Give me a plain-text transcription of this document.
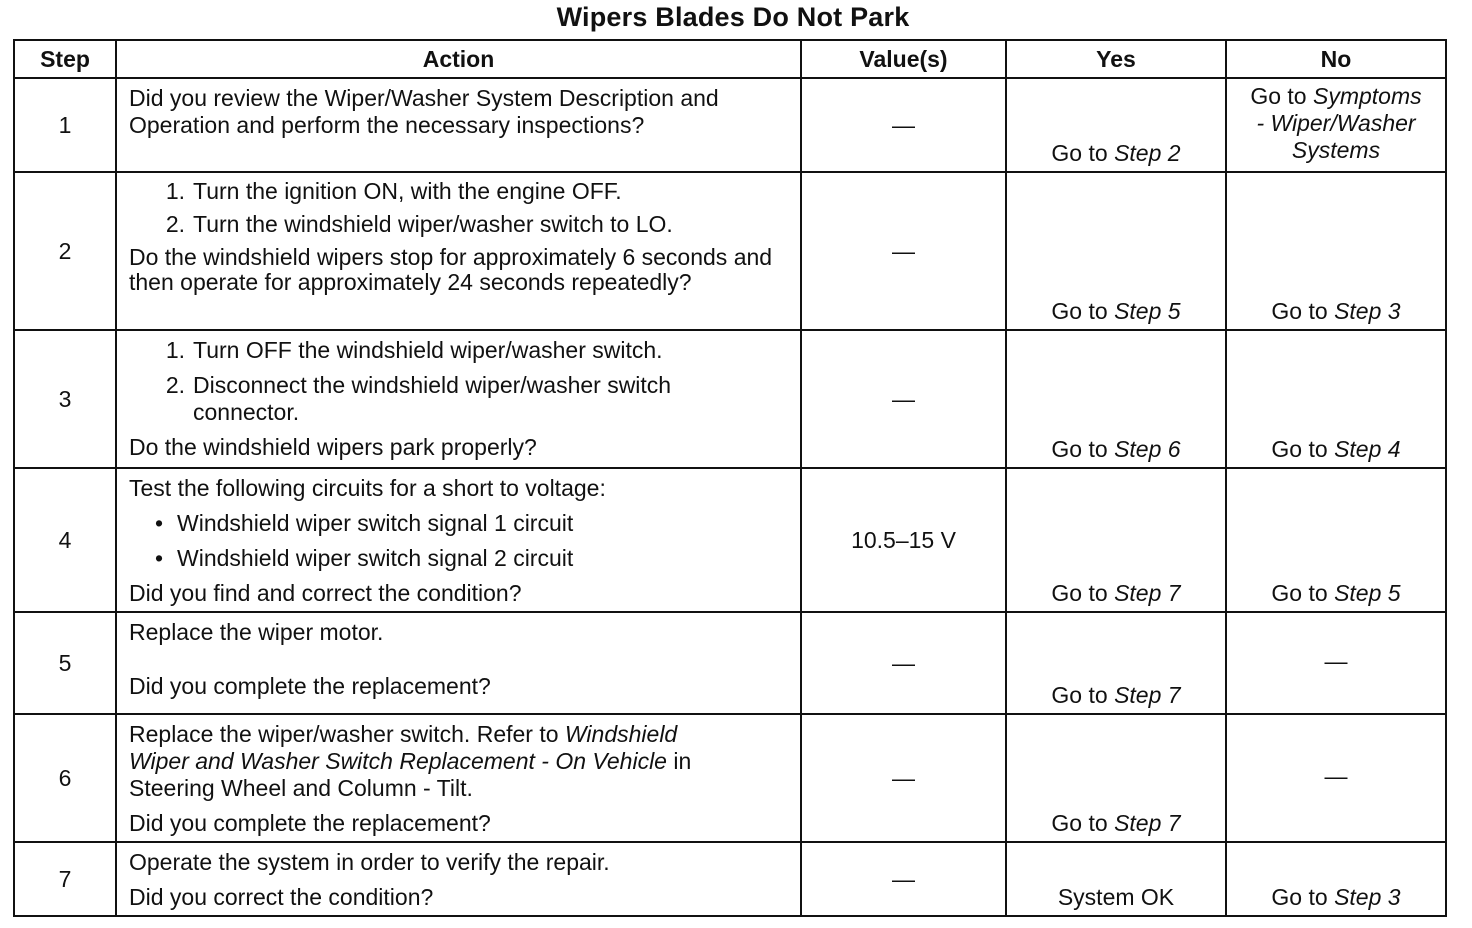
Wipers Blades Do Not Park
Step	Action	Value(s)	Yes	No
1	Did you review the Wiper/Washer System Description and Operation and perform the necessary inspections?	—	Go to Step 2	Go to Symptoms
- Wiper/Washer
Systems
2	1. Turn the ignition ON, with the engine OFF.
2. Turn the windshield wiper/washer switch to LO.
Do the windshield wipers stop for approximately 6 seconds and then operate for approximately 24 seconds repeatedly?	—	Go to Step 5	Go to Step 3
3	1. Turn OFF the windshield wiper/washer switch.
2. Disconnect the windshield wiper/washer switch
connector.
Do the windshield wipers park properly?	—	Go to Step 6	Go to Step 4
4	Test the following circuits for a short to voltage:
• Windshield wiper switch signal 1 circuit
• Windshield wiper switch signal 2 circuit
Did you find and correct the condition?	10.5–15 V	Go to Step 7	Go to Step 5
5	Replace the wiper motor.
Did you complete the replacement?	—	Go to Step 7	—
6	Replace the wiper/washer switch. Refer to Windshield
Wiper and Washer Switch Replacement - On Vehicle in
Steering Wheel and Column - Tilt.
Did you complete the replacement?	—	Go to Step 7	—
7	Operate the system in order to verify the repair.
Did you correct the condition?	—	System OK	Go to Step 3
